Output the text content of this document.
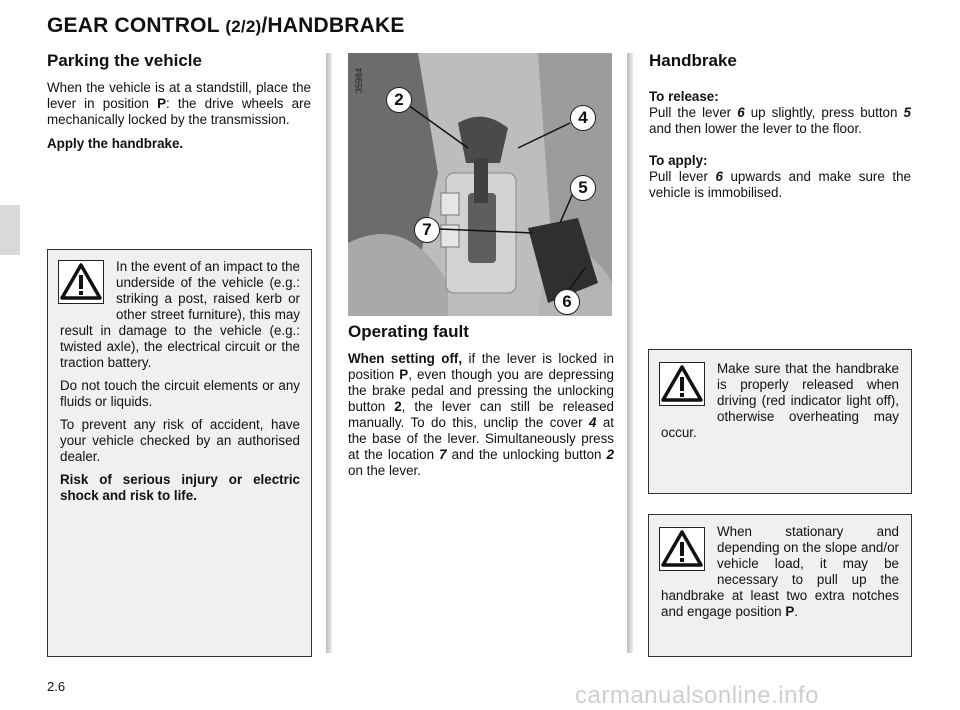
GEAR CONTROL (2/2)/HANDBRAKE
Parking the vehicle

When the vehicle is at a standstill, place the lever in position P: the drive wheels are mechanically locked by the transmission.

Apply the handbrake.

In the event of an impact to the underside of the vehicle (e.g.: striking a post, raised kerb or other street furniture), this may result in damage to the vehicle (e.g.: twisted axle), the electrical circuit or the traction battery.

Do not touch the circuit elements or any fluids or liquids.

To prevent any risk of accident, have your vehicle checked by an authorised dealer.

Risk of serious injury or electric shock and risk to life.

35984
2
4
5
7
6
Operating fault

When setting off, if the lever is locked in position P, even though you are depressing the brake pedal and pressing the unlocking button 2, the lever can still be released manually. To do this, unclip the cover 4 at the base of the lever. Simultaneously press at the location 7 and the unlocking button 2 on the lever.

Handbrake

To release:

Pull the lever 6 up slightly, press button 5 and then lower the lever to the floor.

To apply:

Pull lever 6 upwards and make sure the vehicle is immobilised.

Make sure that the handbrake is properly released when driving (red indicator light off), otherwise overheating may occur.

When stationary and depending on the slope and/or vehicle load, it may be necessary to pull up the handbrake at least two extra notches and engage position P.

2.6	carmanualsonline.info
